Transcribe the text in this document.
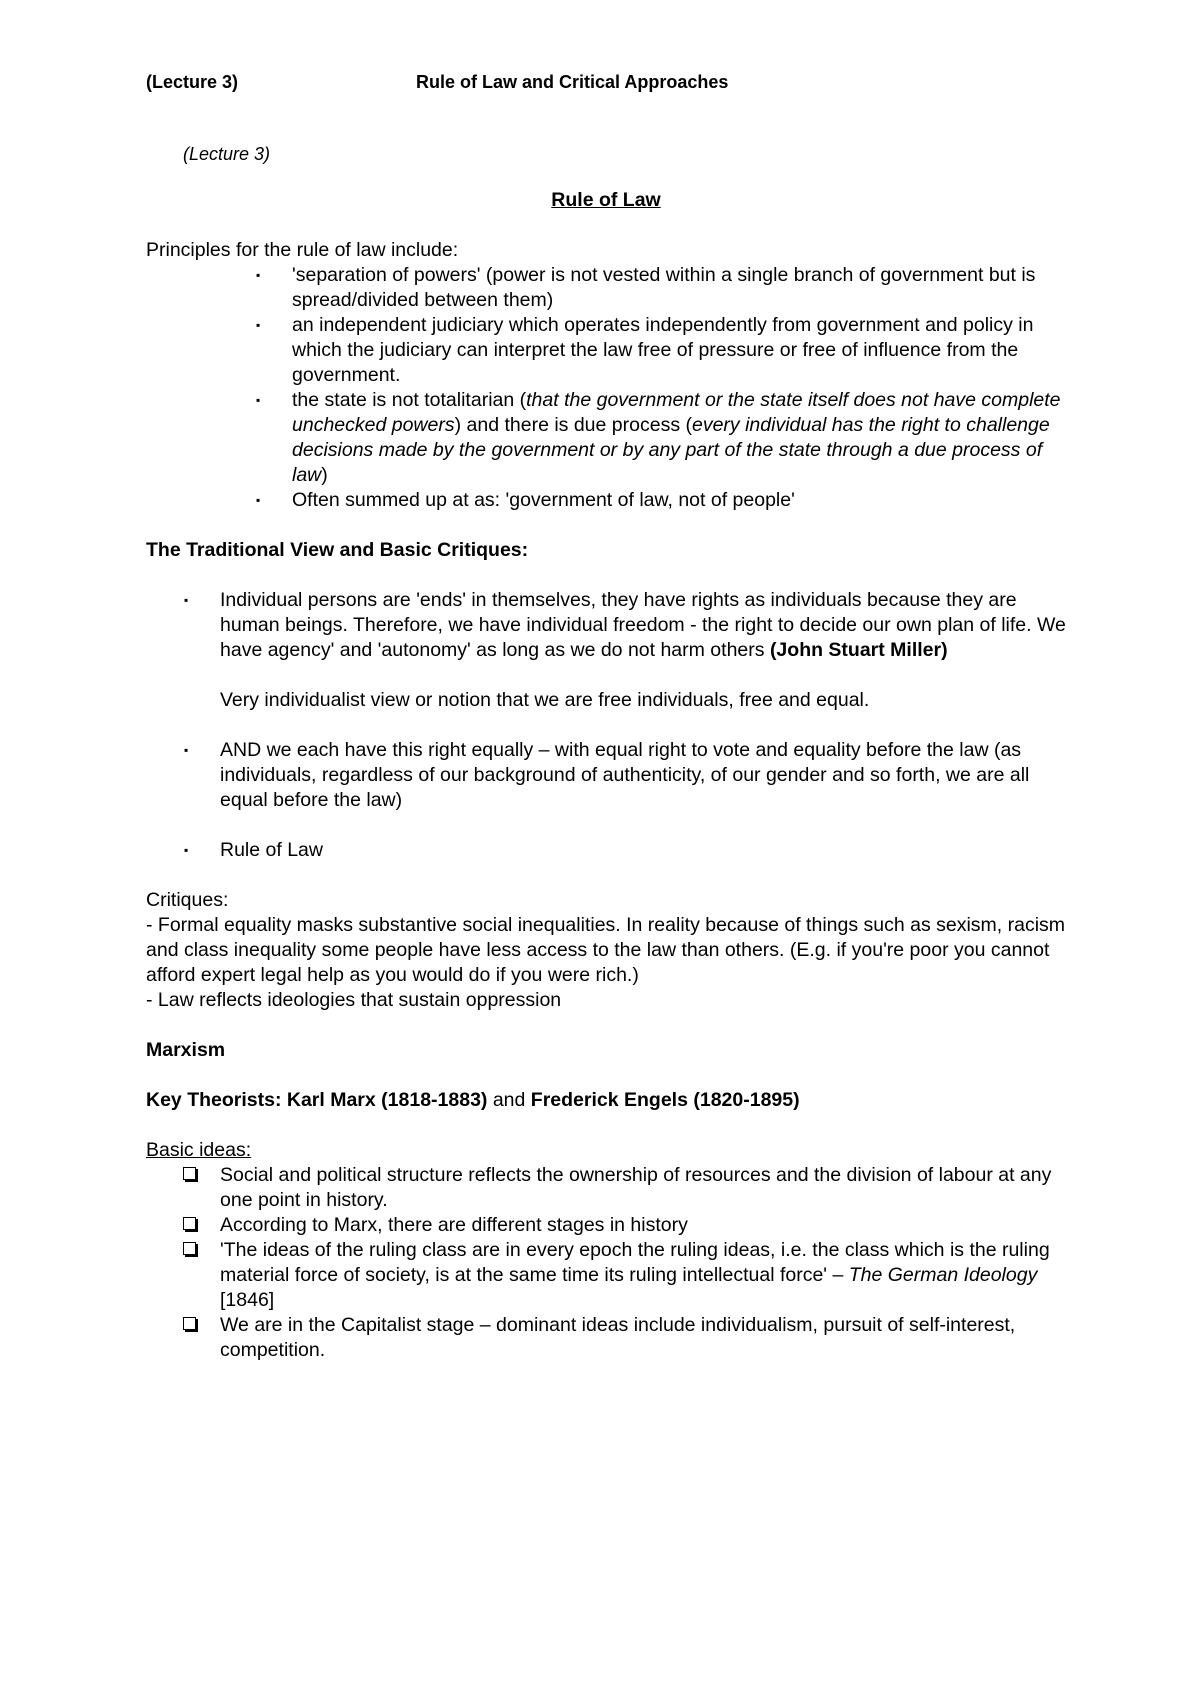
(Lecture 3)	Rule of Law and Critical Approaches
(Lecture 3)
Rule of Law

Principles for the rule of law include:

▪ 'separation of powers' (power is not vested within a single branch of government but is spread/divided between them)
▪ an independent judiciary which operates independently from government and policy in which the judiciary can interpret the law free of pressure or free of influence from the government.
▪ the state is not totalitarian (that the government or the state itself does not have complete unchecked powers) and there is due process (every individual has the right to challenge decisions made by the government or by any part of the state through a due process of law)
▪ Often summed up at as: 'government of law, not of people'

The Traditional View and Basic Critiques:

▪ Individual persons are 'ends' in themselves, they have rights as individuals because they are human beings. Therefore, we have individual freedom - the right to decide our own plan of life. We have agency' and 'autonomy' as long as we do not harm others (John Stuart Miller)
Very individualist view or notion that we are free individuals, free and equal.
▪ AND we each have this right equally – with equal right to vote and equality before the law (as individuals, regardless of our background of authenticity, of our gender and so forth, we are all equal before the law)
▪ Rule of Law

Critiques:

- Formal equality masks substantive social inequalities. In reality because of things such as sexism, racism and class inequality some people have less access to the law than others. (E.g. if you're poor you cannot afford expert legal help as you would do if you were rich.)

- Law reflects ideologies that sustain oppression

Marxism

Key Theorists: Karl Marx (1818-1883) and Frederick Engels (1820-1895)

Basic ideas:

Social and political structure reflects the ownership of resources and the division of labour at any one point in history.
According to Marx, there are different stages in history
'The ideas of the ruling class are in every epoch the ruling ideas, i.e. the class which is the ruling material force of society, is at the same time its ruling intellectual force' – The German Ideology [1846]
We are in the Capitalist stage – dominant ideas include individualism, pursuit of self-interest, competition.
